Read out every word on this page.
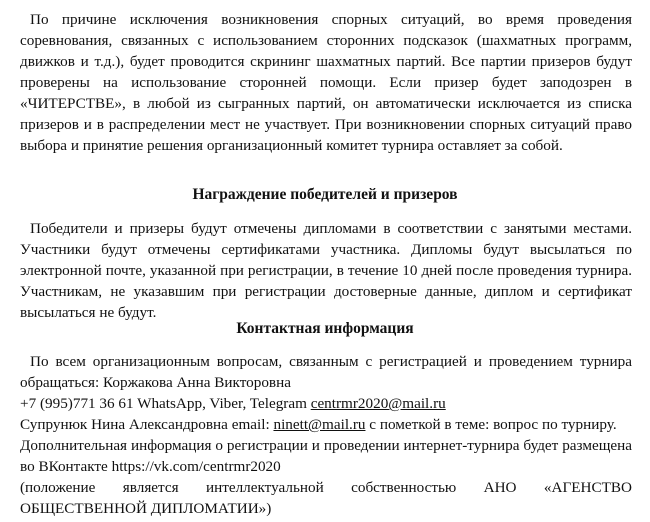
По причине исключения возникновения спорных ситуаций, во время проведения соревнования, связанных с использованием сторонних подсказок (шахматных программ, движков и т.д.), будет проводится скрининг шахматных партий. Все партии призеров будут проверены на использование сторонней помощи. Если призер будет заподозрен в «ЧИТЕРСТВЕ», в любой из сыгранных партий, он автоматически исключается из списка призеров и в распределении мест не участвует. При возникновении спорных ситуаций право выбора и принятие решения организационный комитет турнира оставляет за собой.

Награждение победителей и призеров

Победители и призеры будут отмечены дипломами в соответствии с занятыми местами. Участники будут отмечены сертификатами участника. Дипломы будут высылаться по электронной почте, указанной при регистрации, в течение 10 дней после проведения турнира. Участникам, не указавшим при регистрации достоверные данные, диплом и сертификат высылаться не будут.

Контактная информация

По всем организационным вопросам, связанным с регистрацией и проведением турнира обращаться: Коржакова Анна Викторовна
+7 (995)771 36 61 WhatsApp, Viber, Telegram centrmr2020@mail.ru
Супрунюк Нина Александровна email: ninett@mail.ru с пометкой в теме: вопрос по турниру.

Дополнительная информация о регистрации и проведении интернет-турнира будет размещена во ВКонтакте https://vk.com/centrmr2020

(положение является интеллектуальной собственностью АНО «АГЕНСТВО ОБЩЕСТВЕННОЙ ДИПЛОМАТИИ»)
